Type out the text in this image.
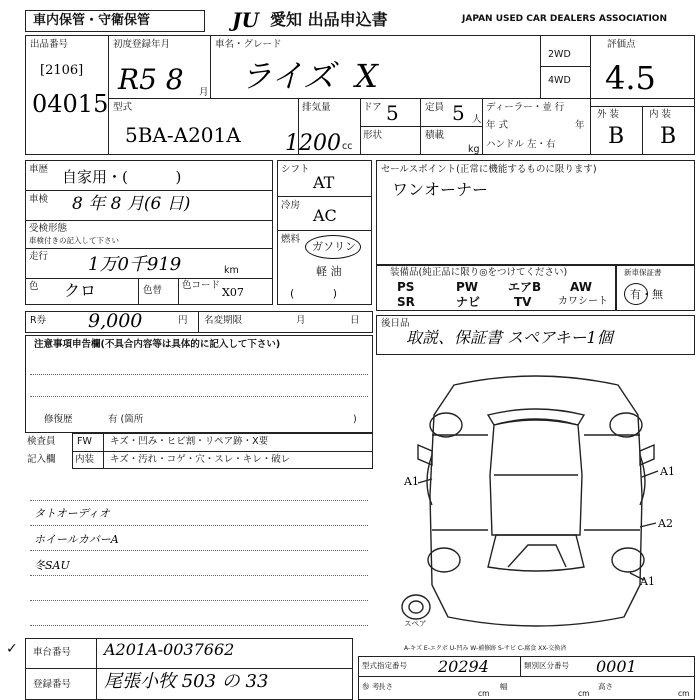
車内保管・守衛保管	JU 愛知 出品申込書	JAPAN USED CAR DEALERS ASSOCIATION
出品番号
[2106]
04015
初度登録年月
R5 8 月
車名・グレード
ライズ  X
2WD
4WD
評価点
4.5
型式
5BA-A201A
排気量
1200 cc
ドア 5
形状
定員 5 人
積載
kg
ディーラー・並 行
年 式	年
ハンドル 左・右
外 装	内 装
B B
車歴 自家用・(          )
車検 8 年 8 月(6 日)
受検形態
車検付きの記入して下さい
走行 1万0千919	km
色 クロ	色替 色コード
X07
シフト
AT
冷房
AC
燃料
ガソリン
軽 油
(           )
セールスポイント(正常に機能するものに限ります)
ワンオーナー
装備品(純正品に限り◎をつけてください)
PS	PW エアB AW
SR	ナビ	TV	カワシート
新車保証書
有・無
R券 9,000	円 名変期限	月	日 後日品
取説、保証書 スペアキー1個
注意事項申告欄(不具合内容等は具体的に記入して下さい)
修復歴	有 (箇所	)
検査員
記入欄
FW キズ・凹み・ヒビ割・リペア跡・X要
内装 キズ・汚れ・コゲ・穴・スレ・キレ・破レ
タトオーディオ
ホイールカバーA
冬SAU
A1
A1
A2
A1
スペア
A-キズ E-エクボ U-凹み W-補修跡 S-サビ C-腐食 XX-交換済
✓ 車台番号 A201A-0037662
登録番号 尾張小牧 503 の 33
型式指定番号 20294	類別区分番号 0001
参 考
長さ
cm
幅
cm
高さ
cm
